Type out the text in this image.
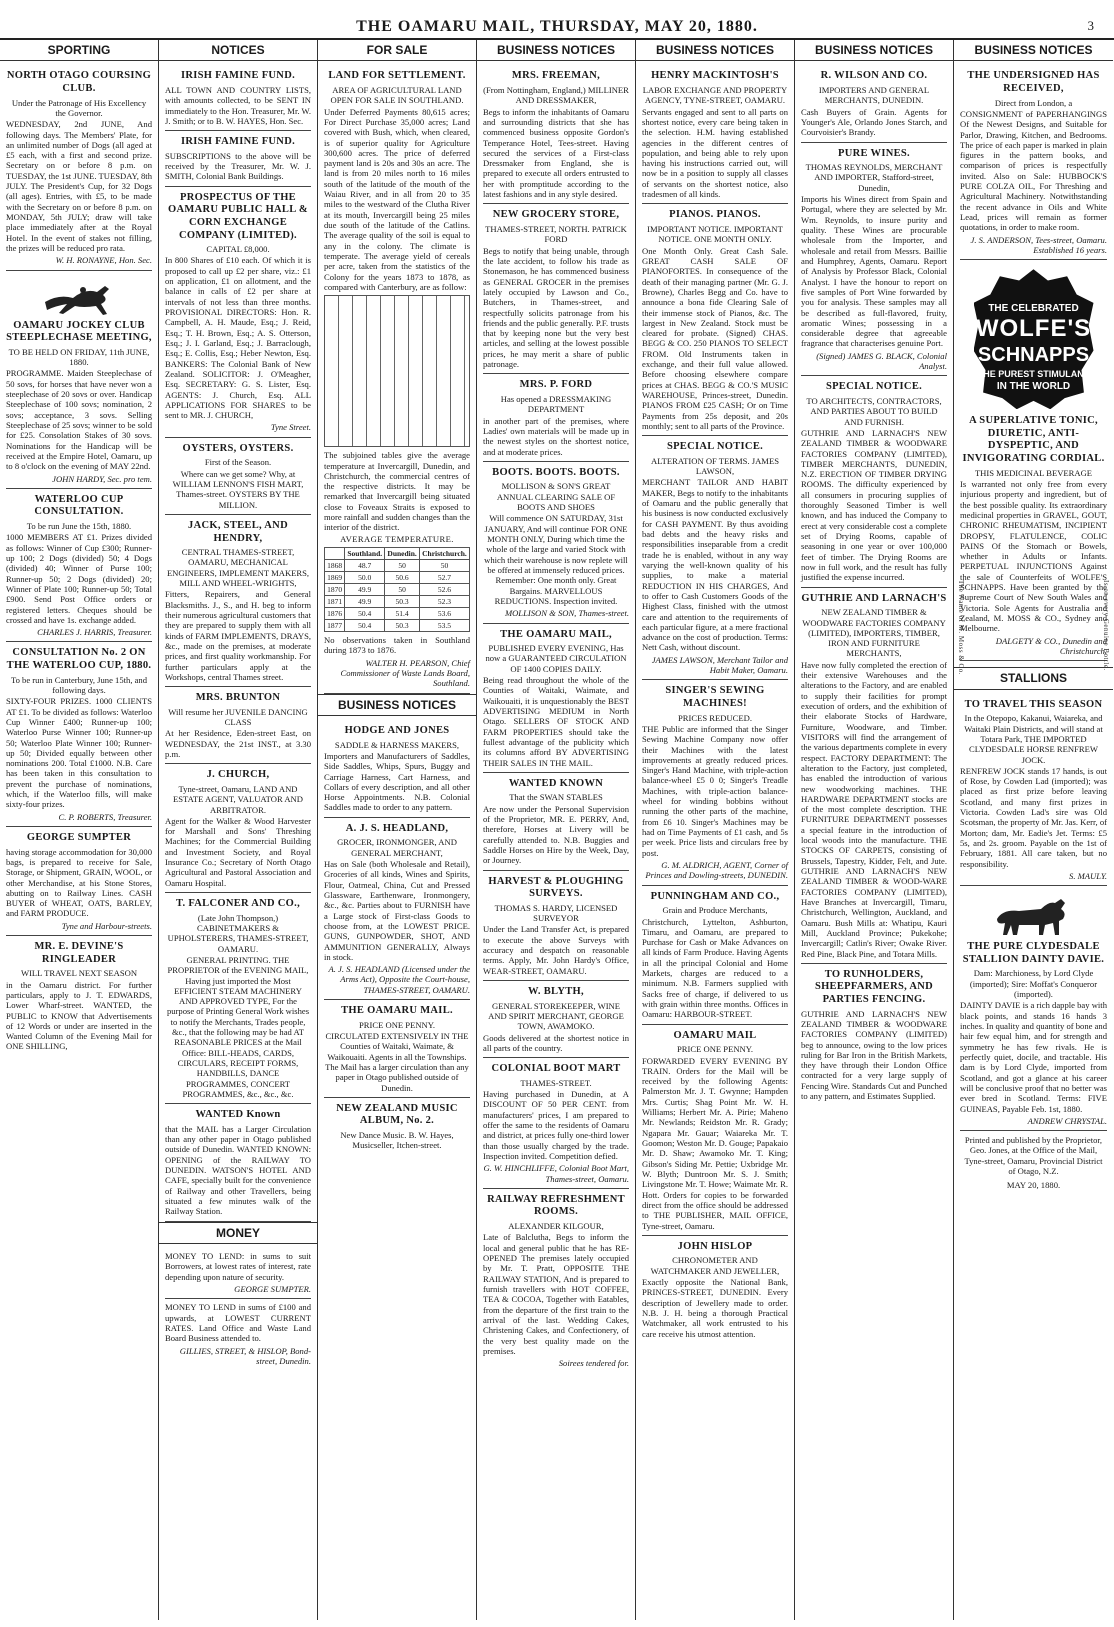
THE OAMARU MAIL, THURSDAY, MAY 20, 1880.	3
SPORTING
NORTH OTAGO COURSING CLUB.
Under the Patronage of His Excellency the Governor.
WEDNESDAY, 2nd JUNE, And following days. The Members' Plate, for an unlimited number of Dogs (all aged at £5 each, with a first and second prize. Secretary on or before 8 p.m. on TUESDAY, the 1st JUNE. TUESDAY, 8th JULY. The President's Cup, for 32 Dogs (all ages). Entries, with £5, to be made with the Secretary on or before 8 p.m. on MONDAY, 5th JULY; draw will take place immediately after at the Royal Hotel. In the event of stakes not filling, the prizes will be reduced pro rata.
W. H. RONAYNE, Hon. Sec.
OAMARU JOCKEY CLUB STEEPLECHASE MEETING,
TO BE HELD ON FRIDAY, 11th JUNE, 1880.
PROGRAMME. Maiden Steeplechase of 50 sovs, for horses that have never won a steeplechase of 20 sovs or over. Handicap Steeplechase of 100 sovs; nomination, 2 sovs; acceptance, 3 sovs. Selling Steeplechase of 25 sovs; winner to be sold for £25. Consolation Stakes of 30 sovs. Nominations for the Handicap will be received at the Empire Hotel, Oamaru, up to 8 o'clock on the evening of MAY 22nd.
JOHN HARDY, Sec. pro tem.
WATERLOO CUP CONSULTATION.
To be run June the 15th, 1880.
1000 MEMBERS AT £1. Prizes divided as follows: Winner of Cup £300; Runner-up 100; 2 Dogs (divided) 50; 4 Dogs (divided) 40; Winner of Purse 100; Runner-up 50; 2 Dogs (divided) 20; Winner of Plate 100; Runner-up 50; Total £900. Send Post Office orders or registered letters. Cheques should be crossed and have 1s. exchange added.
CHARLES J. HARRIS, Treasurer.
CONSULTATION No. 2 ON THE WATERLOO CUP, 1880.
To be run in Canterbury, June 15th, and following days.
SIXTY-FOUR PRIZES. 1000 CLIENTS AT £1. To be divided as follows: Waterloo Cup Winner £400; Runner-up 100; Waterloo Purse Winner 100; Runner-up 50; Waterloo Plate Winner 100; Runner-up 50; Divided equally between other nominations 200. Total £1000. N.B. Care has been taken in this consultation to prevent the purchase of nominations, which, if the Waterloo fills, will make sixty-four prizes.
C. P. ROBERTS, Treasurer.
GEORGE SUMPTER
having storage accommodation for 30,000 bags, is prepared to receive for Sale, Storage, or Shipment, GRAIN, WOOL, or other Merchandise, at his Stone Stores, abutting on to Railway Lines. CASH BUYER of WHEAT, OATS, BARLEY, and FARM PRODUCE.
Tyne and Harbour-streets.
MR. E. DEVINE'S RINGLEADER
WILL TRAVEL NEXT SEASON
in the Oamaru district. For further particulars, apply to J. T. EDWARDS, Lower Wharf-street. WANTED, the PUBLIC to KNOW that Advertisements of 12 Words or under are inserted in the Wanted Column of the Evening Mail for ONE SHILLING,
NOTICES
IRISH FAMINE FUND.
ALL TOWN AND COUNTRY LISTS, with amounts collected, to be SENT IN immediately to the Hon. Treasurer, Mr. W. J. Smith; or to B. W. HAYES, Hon. Sec.
IRISH FAMINE FUND.
SUBSCRIPTIONS to the above will be received by the Treasurer, Mr. W. J. SMITH, Colonial Bank Buildings.
PROSPECTUS OF THE OAMARU PUBLIC HALL & CORN EXCHANGE COMPANY (LIMITED).
CAPITAL £8,000.
In 800 Shares of £10 each. Of which it is proposed to call up £2 per share, viz.: £1 on application, £1 on allotment, and the balance in calls of £2 per share at intervals of not less than three months. PROVISIONAL DIRECTORS: Hon. R. Campbell, A. H. Maude, Esq.; J. Reid, Esq.; T. H. Brown, Esq.; A. S. Otterson, Esq.; J. I. Garland, Esq.; J. Barraclough, Esq.; E. Collis, Esq.; Heber Newton, Esq. BANKERS: The Colonial Bank of New Zealand. SOLICITOR: J. O'Meagher, Esq. SECRETARY: G. S. Lister, Esq. AGENTS: J. Church, Esq. ALL APPLICATIONS FOR SHARES to be sent to MR. J. CHURCH,
Tyne Street.
OYSTERS, OYSTERS.
First of the Season.
Where can we get some? Why, at WILLIAM LENNON'S FISH MART, Thames-street. OYSTERS BY THE MILLION.
JACK, STEEL, AND HENDRY,
CENTRAL THAMES-STREET, OAMARU, MECHANICAL ENGINEERS, IMPLEMENT MAKERS, MILL AND WHEEL-WRIGHTS,
Fitters, Repairers, and General Blacksmiths. J., S., and H. beg to inform their numerous agricultural customers that they are prepared to supply them with all kinds of FARM IMPLEMENTS, DRAYS, &c., made on the premises, at moderate prices, and first quality workmanship. For further particulars apply at the Workshops, central Thames street.
MRS. BRUNTON
Will resume her JUVENILE DANCING CLASS
At her Residence, Eden-street East, on WEDNESDAY, the 21st INST., at 3.30 p.m.
J. CHURCH,
Tyne-street, Oamaru, LAND AND ESTATE AGENT, VALUATOR AND ARBITRATOR.
Agent for the Walker & Wood Harvester for Marshall and Sons' Threshing Machines; for the Commercial Building and Investment Society, and Royal Insurance Co.; Secretary of North Otago Agricultural and Pastoral Association and Oamaru Hospital.
T. FALCONER AND CO.,
(Late John Thompson,) CABINETMAKERS & UPHOLSTERERS, THAMES-STREET, OAMARU.
GENERAL PRINTING. THE PROPRIETOR of the EVENING MAIL, Having just imported the Most EFFICIENT STEAM MACHINERY AND APPROVED TYPE, For the purpose of Printing General Work wishes to notify the Merchants, Trades people, &c., that the following may be had AT REASONABLE PRICES at the Mail Office: BILL-HEADS, CARDS, CIRCULARS, RECEIPT FORMS, HANDBILLS, DANCE PROGRAMMES, CONCERT PROGRAMMES, &c., &c., &c.
WANTED Known
that the MAIL has a Larger Circulation than any other paper in Otago published outside of Dunedin. WANTED KNOWN: OPENING of the RAILWAY TO DUNEDIN. WATSON'S HOTEL AND CAFE, specially built for the convenience of Railway and other Travellers, being situated a few minutes walk of the Railway Station.
MONEY
MONEY TO LEND: in sums to suit Borrowers, at lowest rates of interest, rate depending upon nature of security.
GEORGE SUMPTER.
MONEY TO LEND in sums of £100 and upwards, at LOWEST CURRENT RATES. Land Office and Waste Land Board Business attended to.
GILLIES, STREET, & HISLOP, Bond-street, Dunedin.
FOR SALE
LAND FOR SETTLEMENT.
AREA OF AGRICULTURAL LAND OPEN FOR SALE IN SOUTHLAND.
Under Deferred Payments 80,615 acres; For Direct Purchase 35,000 acres; Land covered with Bush, which, when cleared, is of superior quality for Agriculture 300,600 acres. The price of deferred payment land is 20s and 30s an acre. The land is from 20 miles north to 16 miles south of the latitude of the mouth of the Waiau River, and in all from 20 to 35 miles to the westward of the Clutha River at its mouth, Invercargill being 25 miles due south of the latitude of the Catlins. The average quality of the soil is equal to any in the colony. The climate is temperate. The average yield of cereals per acre, taken from the statistics of the Colony for the years 1873 to 1878, as compared with Canterbury, are as follow:
The subjoined tables give the average temperature at Invercargill, Dunedin, and Christchurch, the commercial centres of the respective districts. It may be remarked that Invercargill being situated close to Foveaux Straits is exposed to more rainfall and sudden changes than the interior of the district.
AVERAGE TEMPERATURE.
	Southland.	Dunedin.	Christchurch.
1868	48.7	50	50
1869	50.0	50.6	52.7
1870	49.9	50	52.6
1871	49.9	50.3	52.3
1876	50.4	51.4	53.6
1877	50.4	50.3	53.5
No observations taken in Southland during 1873 to 1876.
WALTER H. PEARSON, Chief Commissioner of Waste Lands Board, Southland.
BUSINESS NOTICES
HODGE AND JONES
SADDLE & HARNESS MAKERS,
Importers and Manufacturers of Saddles, Side Saddles, Whips, Spurs, Buggy and Carriage Harness, Cart Harness, and Collars of every description, and all other Horse Appointments. N.B. Colonial Saddles made to order to any pattern.
A. J. S. HEADLAND,
GROCER, IRONMONGER, AND GENERAL MERCHANT,
Has on Sale (both Wholesale and Retail), Groceries of all kinds, Wines and Spirits, Flour, Oatmeal, China, Cut and Pressed Glassware, Earthenware, Ironmongery, &c., &c. Parties about to FURNISH have a Large stock of First-class Goods to choose from, at the LOWEST PRICE. GUNS, GUNPOWDER, SHOT, AND AMMUNITION GENERALLY, Always in stock.
A. J. S. HEADLAND (Licensed under the Arms Act), Opposite the Court-house, THAMES-STREET, OAMARU.
THE OAMARU MAIL.
PRICE ONE PENNY.
CIRCULATED EXTENSIVELY IN THE Counties of Waitaki, Waimate, & Waikouaiti. Agents in all the Townships. The Mail has a larger circulation than any paper in Otago published outside of Dunedin.
NEW ZEALAND MUSIC ALBUM, No. 2.
New Dance Music. B. W. Hayes, Musicseller, Itchen-street.
BUSINESS NOTICES
MRS. FREEMAN,
(From Nottingham, England,) MILLINER AND DRESSMAKER,
Begs to inform the inhabitants of Oamaru and surrounding districts that she has commenced business opposite Gordon's Temperance Hotel, Tees-street. Having secured the services of a First-class Dressmaker from England, she is prepared to execute all orders entrusted to her with promptitude according to the latest fashions and in any style desired.
NEW GROCERY STORE,
THAMES-STREET, NORTH. PATRICK FORD
Begs to notify that being unable, through the late accident, to follow his trade as Stonemason, he has commenced business as GENERAL GROCER in the premises lately occupied by Lawson and Co., Butchers, in Thames-street, and respectfully solicits patronage from his friends and the public generally. P.F. trusts that by keeping none but the very best articles, and selling at the lowest possible prices, he may merit a share of public patronage.
MRS. P. FORD
Has opened a DRESSMAKING DEPARTMENT
in another part of the premises, where Ladies' own materials will be made up in the newest styles on the shortest notice, and at moderate prices.
BOOTS. BOOTS. BOOTS.
MOLLISON & SON'S GREAT ANNUAL CLEARING SALE OF BOOTS AND SHOES
Will commence ON SATURDAY, 31st JANUARY, And will continue FOR ONE MONTH ONLY, During which time the whole of the large and varied Stock with which their warehouse is now replete will be offered at immensely reduced prices. Remember: One month only. Great Bargains. MARVELLOUS REDUCTIONS. Inspection invited.
MOLLISON & SON, Thames-street.
THE OAMARU MAIL,
PUBLISHED EVERY EVENING, Has now a GUARANTEED CIRCULATION OF 1400 COPIES DAILY.
Being read throughout the whole of the Counties of Waitaki, Waimate, and Waikouaiti, it is unquestionably the BEST ADVERTISING MEDIUM in North Otago. SELLERS OF STOCK AND FARM PROPERTIES should take the fullest advantage of the publicity which its columns afford BY ADVERTISING THEIR SALES IN THE MAIL.
WANTED KNOWN
That the SWAN STABLES
Are now under the Personal Supervision of the Proprietor, MR. E. PERRY, And, therefore, Horses at Livery will be carefully attended to. N.B. Buggies and Saddle Horses on Hire by the Week, Day, or Journey.
HARVEST & PLOUGHING SURVEYS.
THOMAS S. HARDY, LICENSED SURVEYOR
Under the Land Transfer Act, is prepared to execute the above Surveys with accuracy and despatch on reasonable terms. Apply, Mr. John Hardy's Office, WEAR-STREET, OAMARU.
W. BLYTH,
GENERAL STOREKEEPER, WINE AND SPIRIT MERCHANT, GEORGE TOWN, AWAMOKO.
Goods delivered at the shortest notice in all parts of the country.
COLONIAL BOOT MART
THAMES-STREET.
Having purchased in Dunedin, at A DISCOUNT OF 50 PER CENT. from manufacturers' prices, I am prepared to offer the same to the residents of Oamaru and district, at prices fully one-third lower than those usually charged by the trade. Inspection invited. Competition defied.
G. W. HINCHLIFFE, Colonial Boot Mart, Thames-street, Oamaru.
RAILWAY REFRESHMENT ROOMS.
ALEXANDER KILGOUR,
Late of Balclutha, Begs to inform the local and general public that he has RE-OPENED The premises lately occupied by Mr. T. Pratt, OPPOSITE THE RAILWAY STATION, And is prepared to furnish travellers with HOT COFFEE, TEA & COCOA, Together with Eatables, from the departure of the first train to the arrival of the last. Wedding Cakes, Christening Cakes, and Confectionery, of the very best quality made on the premises.
Soirees tendered for.
BUSINESS NOTICES
HENRY MACKINTOSH'S
LABOR EXCHANGE AND PROPERTY AGENCY, TYNE-STREET, OAMARU.
Servants engaged and sent to all parts on shortest notice, every care being taken in the selection. H.M. having established agencies in the different centres of population, and being able to rely upon having his instructions carried out, will now be in a position to supply all classes of servants on the shortest notice, also tradesmen of all kinds.
PIANOS. PIANOS.
IMPORTANT NOTICE. IMPORTANT NOTICE. ONE MONTH ONLY.
One Month Only. Great Cash Sale. GREAT CASH SALE OF PIANOFORTES. In consequence of the death of their managing partner (Mr. G. J. Browne), Charles Begg and Co. have to announce a bona fide Clearing Sale of their immense stock of Pianos, &c. The largest in New Zealand. Stock must be cleared for probate. (Signed) CHAS. BEGG & CO. 250 PIANOS TO SELECT FROM. Old Instruments taken in exchange, and their full value allowed. Before choosing elsewhere compare prices at CHAS. BEGG & CO.'S MUSIC WAREHOUSE, Princes-street, Dunedin. PIANOS FROM £25 CASH; Or on Time Payments from 25s deposit, and 20s monthly; sent to all parts of the Province.
SPECIAL NOTICE.
ALTERATION OF TERMS. JAMES LAWSON,
MERCHANT TAILOR AND HABIT MAKER, Begs to notify to the inhabitants of Oamaru and the public generally that his business is now conducted exclusively for CASH PAYMENT. By thus avoiding bad debts and the heavy risks and responsibilities inseparable from a credit trade he is enabled, without in any way varying the well-known quality of his supplies, to make a material REDUCTION IN HIS CHARGES, And to offer to Cash Customers Goods of the Highest Class, finished with the utmost care and attention to the requirements of each particular figure, at a mere fractional advance on the cost of production. Terms: Nett Cash, without discount.
JAMES LAWSON, Merchant Tailor and Habit Maker, Oamaru.
SINGER'S SEWING MACHINES!
PRICES REDUCED.
THE Public are informed that the Singer Sewing Machine Company now offer their Machines with the latest improvements at greatly reduced prices. Singer's Hand Machine, with triple-action balance-wheel £5 0 0; Singer's Treadle Machines, with triple-action balance-wheel for winding bobbins without running the other parts of the machine, from £6 10. Singer's Machines may be had on Time Payments of £1 cash, and 5s per week. Price lists and circulars free by post.
G. M. ALDRICH, AGENT, Corner of Princes and Dowling-streets, DUNEDIN.
PUNNINGHAM AND CO.,
Grain and Produce Merchants,
Christchurch, Lyttelton, Ashburton, Timaru, and Oamaru, are prepared to Purchase for Cash or Make Advances on all kinds of Farm Produce. Having Agents in all the principal Colonial and Home Markets, charges are reduced to a minimum. N.B. Farmers supplied with Sacks free of charge, if delivered to us with grain within three months. Offices in Oamaru: HARBOUR-STREET.
OAMARU MAIL
PRICE ONE PENNY.
FORWARDED EVERY EVENING BY TRAIN. Orders for the Mail will be received by the following Agents: Palmerston Mr. J. T. Gwynne; Hampden Mrs. Curtis; Shag Point Mr. W. H. Williams; Herbert Mr. A. Pirie; Maheno Mr. Newlands; Reidston Mr. R. Grady; Ngapara Mr. Gauar; Waiareka Mr. T. Goomon; Weston Mr. D. Gouge; Papakaio Mr. D. Shaw; Awamoko Mr. T. King; Gibson's Siding Mr. Pettie; Uxbridge Mr. W. Blyth; Duntroon Mr. S. J. Smith; Livingstone Mr. T. Howe; Waimate Mr. R. Hott. Orders for copies to be forwarded direct from the office should be addressed to THE PUBLISHER, MAIL OFFICE, Tyne-street, Oamaru.
JOHN HISLOP
CHRONOMETER AND WATCHMAKER AND JEWELLER,
Exactly opposite the National Bank, PRINCES-STREET, DUNEDIN. Every description of Jewellery made to order. N.B. J. H. being a thorough Practical Watchmaker, all work entrusted to his care receive his utmost attention.
BUSINESS NOTICES
R. WILSON AND CO.
IMPORTERS AND GENERAL MERCHANTS, DUNEDIN.
Cash Buyers of Grain. Agents for Younger's Ale, Orlando Jones Starch, and Courvoisier's Brandy.
PURE WINES.
THOMAS REYNOLDS, MERCHANT AND IMPORTER, Stafford-street, Dunedin,
Imports his Wines direct from Spain and Portugal, where they are selected by Mr. Wm. Reynolds, to insure purity and quality. These Wines are procurable wholesale from the Importer, and wholesale and retail from Messrs. Baillie and Humphrey, Agents, Oamaru. Report of Analysis by Professor Black, Colonial Analyst. I have the honour to report on five samples of Port Wine forwarded by you for analysis. These samples may all be described as full-flavored, fruity, aromatic Wines; possessing in a considerable degree that agreeable fragrance that characterises genuine Port.
(Signed) JAMES G. BLACK, Colonial Analyst.
SPECIAL NOTICE.
TO ARCHITECTS, CONTRACTORS, AND PARTIES ABOUT TO BUILD AND FURNISH.
GUTHRIE AND LARNACH'S NEW ZEALAND TIMBER & WOODWARE FACTORIES COMPANY (LIMITED), TIMBER MERCHANTS, DUNEDIN, N.Z. ERECTION OF TIMBER DRYING ROOMS. The difficulty experienced by all consumers in procuring supplies of thoroughly Seasoned Timber is well known, and has induced the Company to erect at very considerable cost a complete set of Drying Rooms, capable of seasoning in one year or over 100,000 feet of timber. The Drying Rooms are now in full work, and the result has fully justified the expense incurred.
GUTHRIE AND LARNACH'S
NEW ZEALAND TIMBER & WOODWARE FACTORIES COMPANY (LIMITED), IMPORTERS, TIMBER, IRON AND FURNITURE MERCHANTS,
Have now fully completed the erection of their extensive Warehouses and the alterations to the Factory, and are enabled to supply their facilities for prompt execution of orders, and the exhibition of their elaborate Stocks of Hardware, Furniture, Woodware, and Timber. VISITORS will find the arrangement of the various departments complete in every respect. FACTORY DEPARTMENT: The alteration to the Factory, just completed, has enabled the introduction of various new woodworking machines. THE HARDWARE DEPARTMENT stocks are of the most complete description. THE FURNITURE DEPARTMENT possesses a special feature in the introduction of local woods into the manufacture. THE STOCKS OF CARPETS, consisting of Brussels, Tapestry, Kidder, Felt, and Jute. GUTHRIE AND LARNACH'S NEW ZEALAND TIMBER & WOOD-WARE FACTORIES COMPANY (LIMITED), Have Branches at Invercargill, Timaru, Christchurch, Wellington, Auckland, and Oamaru. Bush Mills at: Whatipu, Kauri Mill, Auckland Province; Pukekohe; Invercargill; Catlin's River; Owake River. Red Pine, Black Pine, and Totara Mills.
TO RUNHOLDERS, SHEEPFARMERS, AND PARTIES FENCING.
GUTHRIE AND LARNACH'S NEW ZEALAND TIMBER & WOODWARE FACTORIES COMPANY (LIMITED) beg to announce, owing to the low prices ruling for Bar Iron in the British Markets, they have through their London Office contracted for a very large supply of Fencing Wire. Standards Cut and Punched to any pattern, and Estimates Supplied.
BUSINESS NOTICES
THE UNDERSIGNED HAS RECEIVED,
Direct from London, a
CONSIGNMENT of PAPERHANGINGS Of the Newest Designs, and Suitable for Parlor, Drawing, Kitchen, and Bedrooms. The price of each paper is marked in plain figures in the pattern books, and comparison of prices is respectfully invited. Also on Sale: HUBBOCK'S PURE COLZA OIL, For Threshing and Agricultural Machinery. Notwithstanding the recent advance in Oils and White Lead, prices will remain as former quotations, in order to make room.
J. S. ANDERSON, Tees-street, Oamaru. Established 16 years.
THE CELEBRATED
WOLFE'S
SCHNAPPS
THE PUREST STIMULANT
IN THE WORLD
A SUPERLATIVE TONIC, DIURETIC, ANTI-DYSPEPTIC, AND INVIGORATING CORDIAL.
THIS MEDICINAL BEVERAGE
Is warranted not only free from every injurious property and ingredient, but of the best possible quality. Its extraordinary medicinal properties in GRAVEL, GOUT, CHRONIC RHEUMATISM, INCIPIENT DROPSY, FLATULENCE, COLIC PAINS Of the Stomach or Bowels, whether in Adults or Infants. PERPETUAL INJUNCTIONS Against the sale of Counterfeits of WOLFE'S SCHNAPPS. Have been granted by the Supreme Court of New South Wales and Victoria. Sole Agents for Australia and Zealand, M. MOSS & CO., Sydney and Melbourne.
DALGETY & CO., Dunedin and Christchurch.
STALLIONS
TO TRAVEL THIS SEASON
In the Otepopo, Kakanui, Waiareka, and Waitaki Plain Districts, and will stand at Totara Park, THE IMPORTED CLYDESDALE HORSE RENFREW JOCK.
RENFREW JOCK stands 17 hands, is out of Rose, by Cowden Lad (imported); was placed as first prize before leaving Scotland, and many first prizes in Victoria. Cowden Lad's sire was Old Scotsman, the property of Mr. Jas. Kerr, of Morton; dam, Mr. Eadie's Jet. Terms: £5 5s, and 2s. groom. Payable on the 1st of February, 1881. All care taken, but no responsibility.
S. MAULY.
THE PURE CLYDESDALE STALLION DAINTY DAVIE.
Dam: Marchioness, by Lord Clyde (imported); Sire: Moffat's Conqueror (imported).
DAINTY DAVIE is a rich dapple bay with black points, and stands 16 hands 3 inches. In quality and quantity of bone and hair few equal him, and for strength and symmetry he has few rivals. He is perfectly quiet, docile, and tractable. His dam is by Lord Clyde, imported from Scotland, and got a glance at his career will be conclusive proof that no better was ever bred in Scotland. Terms: FIVE GUINEAS, Payable Feb. 1st, 1880.
ANDREW CHRYSTAL.
Printed and published by the Proprietor, Geo. Jones, at the Office of the Mail, Tyne-street, Oamaru, Provincial District of Otago, N.Z.
MAY 20, 1880.
The Name of M. Moss & Co.	Is on every Genuine Bottle.
